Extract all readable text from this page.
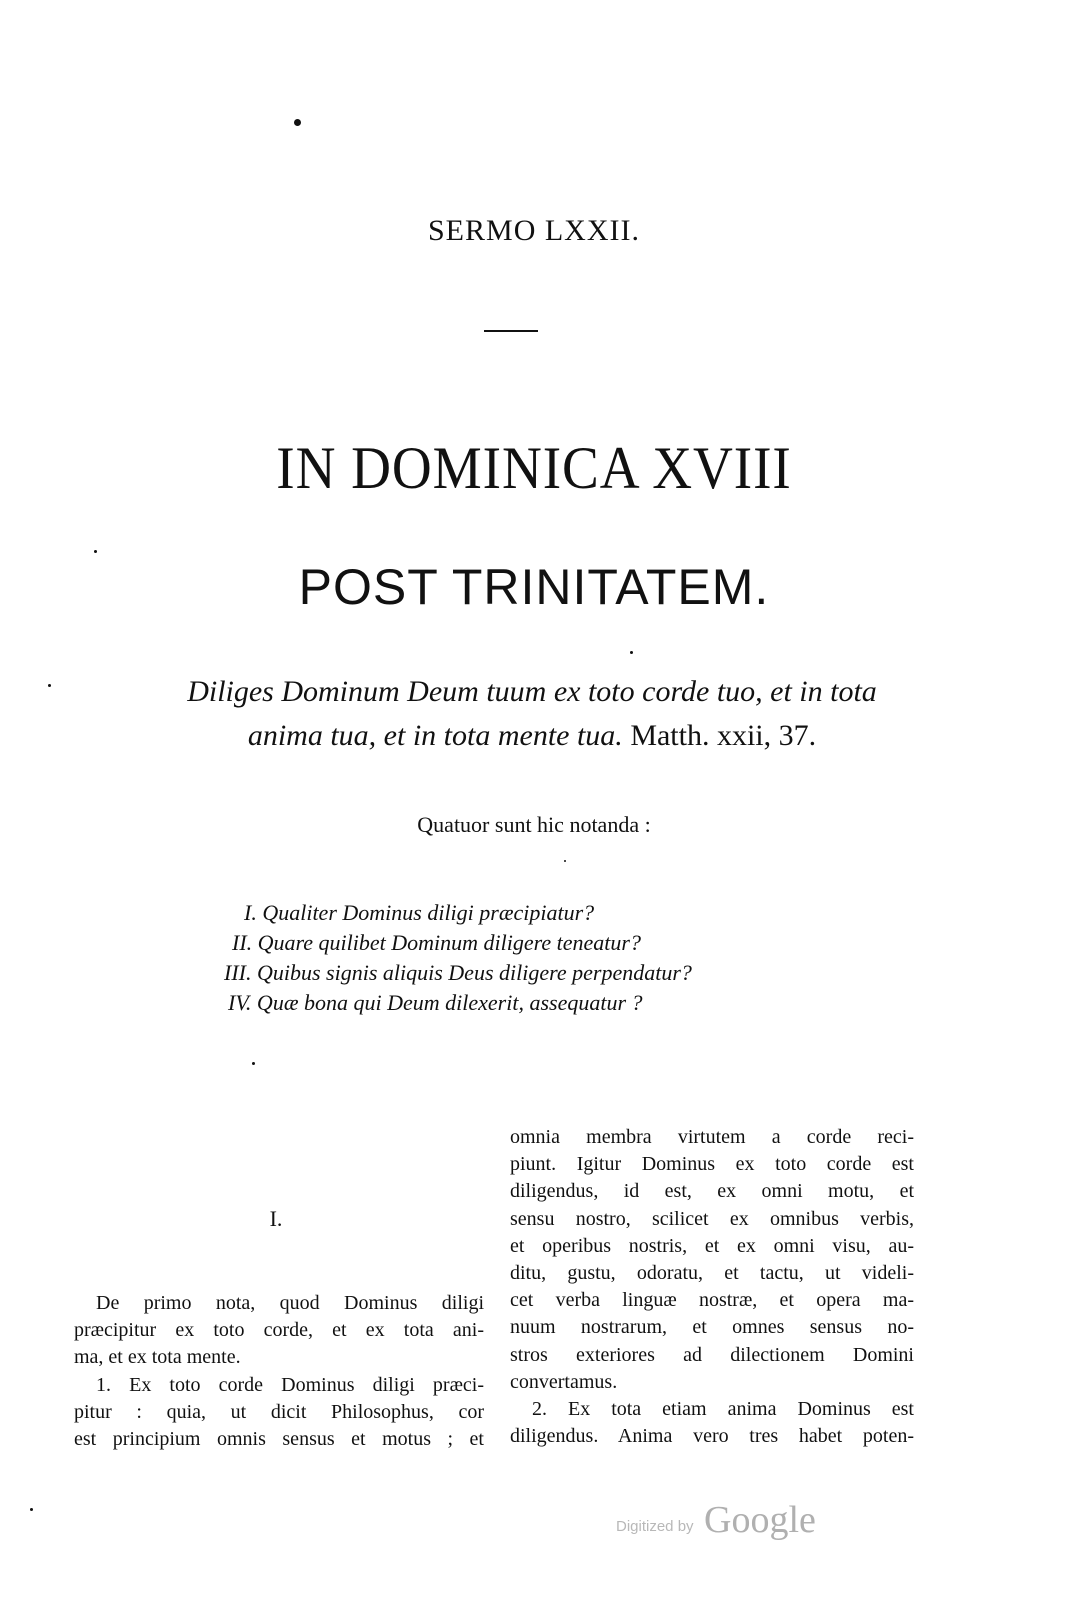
SERMO LXXII.
IN DOMINICA XVIII
POST TRINITATEM.
Diliges Dominum Deum tuum ex toto corde tuo, et in tota
anima tua, et in tota mente tua. Matth. xxii, 37.
Quatuor sunt hic notanda :
I. Qualiter Dominus diligi præcipiatur?
II. Quare quilibet Dominum diligere teneatur?
III. Quibus signis aliquis Deus diligere perpendatur?
IV. Quæ bona qui Deum dilexerit, assequatur ?
I.
De primo nota, quod Dominus diligi
præcipitur ex toto corde, et ex tota ani-
ma, et ex tota mente.
1. Ex toto corde Dominus diligi præci-
pitur : quia, ut dicit Philosophus, cor
est principium omnis sensus et motus ; et
omnia membra virtutem a corde reci-
piunt. Igitur Dominus ex toto corde est
diligendus, id est, ex omni motu, et
sensu nostro, scilicet ex omnibus verbis,
et operibus nostris, et ex omni visu, au-
ditu, gustu, odoratu, et tactu, ut videli-
cet verba linguæ nostræ, et opera ma-
nuum nostrarum, et omnes sensus no-
stros exteriores ad dilectionem Domini
convertamus.
2. Ex tota etiam anima Dominus est
diligendus. Anima vero tres habet poten-
Digitized by Google
